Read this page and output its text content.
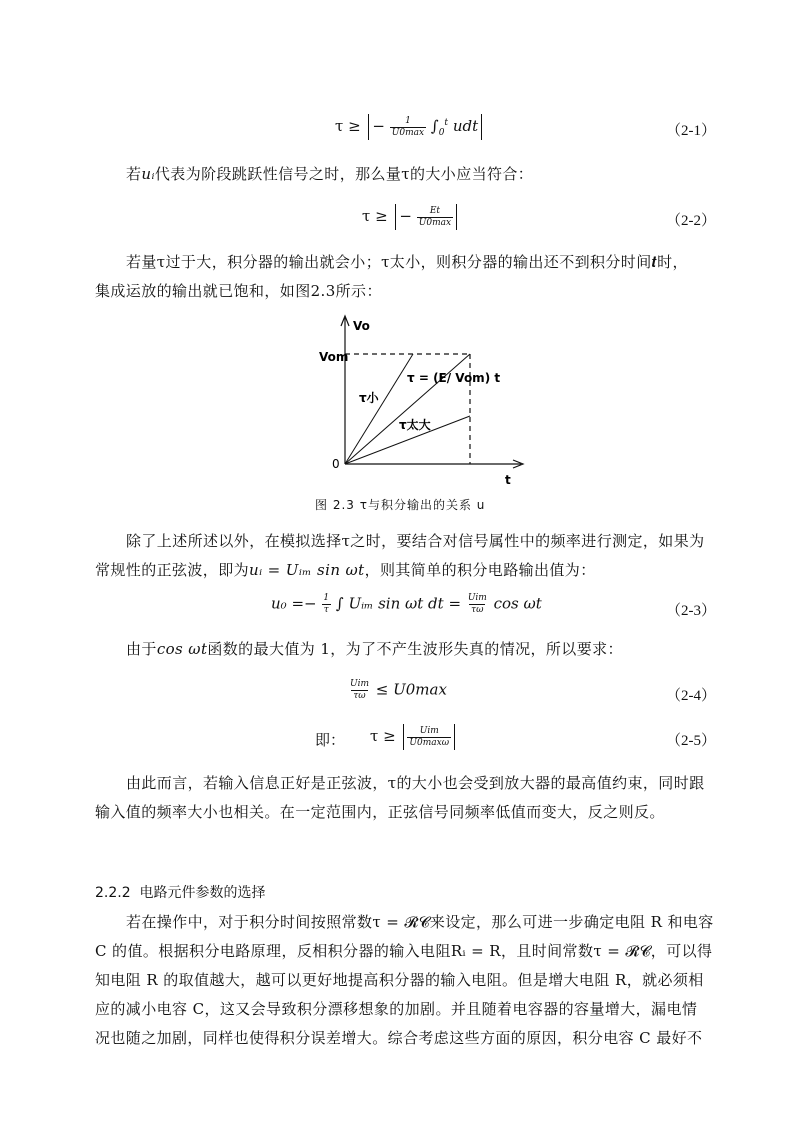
τ ≥ − $\frac{1}{U0\max} \int_0^t$ udt	（2-1）
若uᵢ代表为阶段跳跃性信号之时，那么量τ的大小应当符合：
τ ≥ − $\frac{Et}{U0\max}$	（2-2）
若量τ过于大，积分器的输出就会小；τ太小，则积分器的输出还不到积分时间𝒕时，
集成运放的输出就已饱和，如图2.3所示：
Vo
Vom
0
t
τ = (E/ Vom) t
τ小
τ太大
图 2.3 τ与积分输出的关系 u
除了上述所述以外，在模拟选择τ之时，要结合对信号属性中的频率进行测定，如果为
常规性的正弦波，即为uᵢ = Uᵢₘ sin ωt，则其简单的积分电路输出值为：
$u_0 =- \frac{1}{\tau}$ ∫ Uᵢₘ sin ωt dt = $\frac{\text{Uim}}{\tau\omega}$ cos ωt	（2-3）
由于cos ωt函数的最大值为 1，为了不产生波形失真的情况，所以要求：
$\frac{\text{Uim}}{\tau\omega} \le U0\max$	（2-4）
即： $\tau \ge \frac{\text{Uim}}{U0\max\omega}$	（2-5）
由此而言，若输入信息正好是正弦波，τ的大小也会受到放大器的最高值约束，同时跟
输入值的频率大小也相关。在一定范围内，正弦信号同频率低值而变大，反之则反。
2.2.2 电路元件参数的选择
若在操作中，对于积分时间按照常数τ = 𝓡𝓒来设定，那么可进一步确定电阻 R 和电容
C 的值。根据积分电路原理，反相积分器的输入电阻Rᵢ = R，且时间常数τ = 𝓡𝓒，可以得
知电阻 R 的取值越大，越可以更好地提高积分器的输入电阻。但是增大电阻 R，就必须相
应的减小电容 C，这又会导致积分漂移想象的加剧。并且随着电容器的容量增大，漏电情
况也随之加剧，同样也使得积分误差增大。综合考虑这些方面的原因，积分电容 C 最好不
